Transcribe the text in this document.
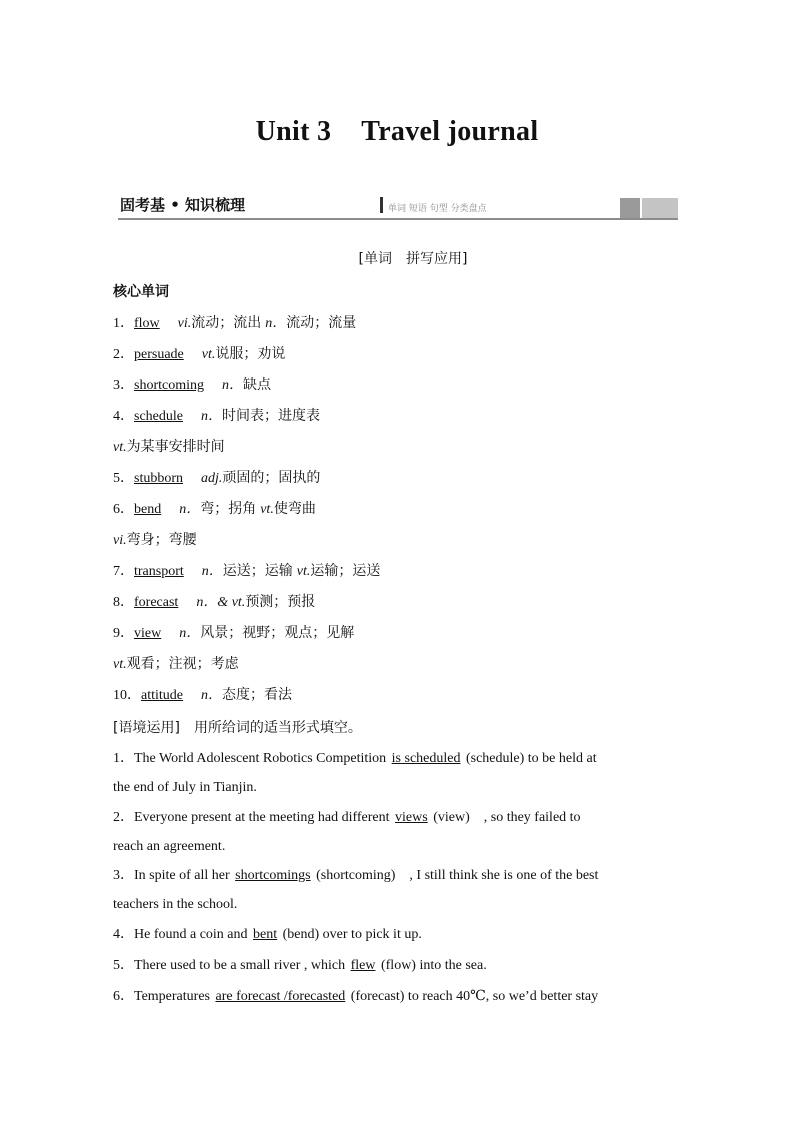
Unit 3 Travel journal
固考基 • 知识梳理	单词 短语 句型 分类盘点
[单词　拼写应用]
核心单词
1．flow vi.流动；流出 n．流动；流量
2．persuade vt.说服；劝说
3．shortcoming n．缺点
4．schedule n．时间表；进度表
vt.为某事安排时间
5．stubborn adj.顽固的；固执的
6．bend n．弯；拐角 vt.使弯曲
vi.弯身；弯腰
7．transport n．运送；运输 vt.运输；运送
8．forecast n．& vt.预测；预报
9．view n．风景；视野；观点；见解
vt.观看；注视；考虑
10．attitude n．态度；看法
[语境运用]　 用所给词的适当形式填空。
1．The World Adolescent Robotics Competition is scheduled (schedule) to be held at
the end of July in Tianjin.
2．Everyone present at the meeting had different views (view)　, so they failed to
reach an agreement.
3．In spite of all her shortcomings (shortcoming)　, I still think she is one of the best
teachers in the school.
4．He found a coin and bent (bend) over to pick it up.
5．There used to be a small river , which flew (flow) into the sea.
6．Temperatures are forecast /forecasted (forecast) to reach 40℃, so we’d better stay
